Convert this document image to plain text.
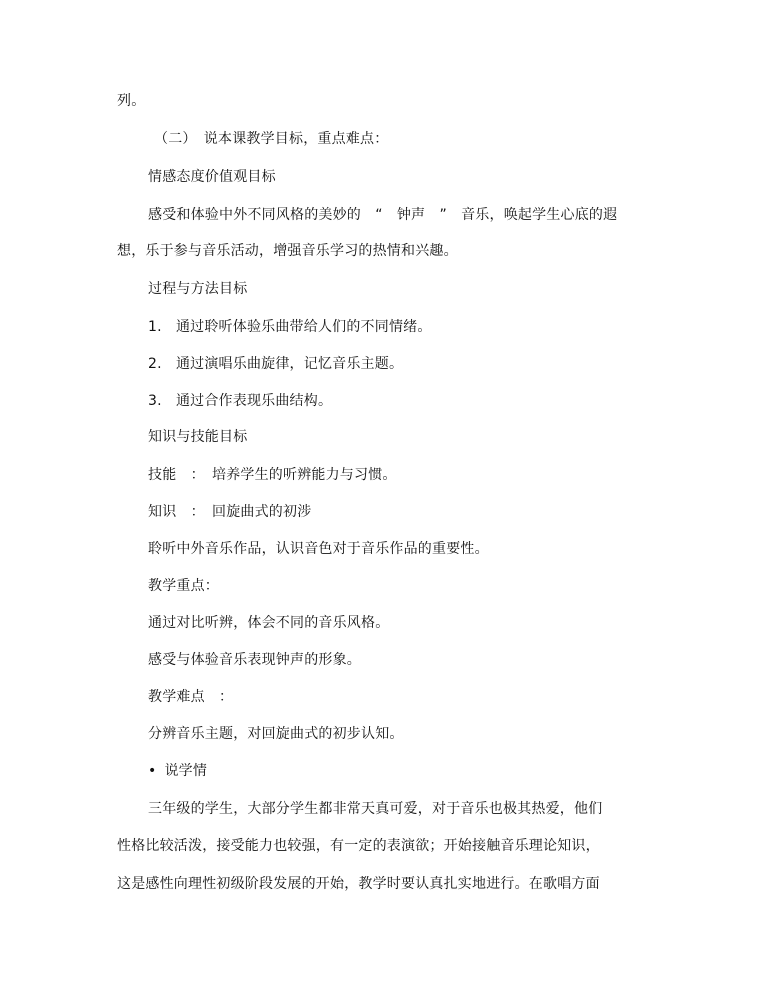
列。
（二）　说本课教学目标，重点难点：
情感态度价值观目标
感受和体验中外不同风格的美妙的　“　钟声　”　音乐，唤起学生心底的遐
想，乐于参与音乐活动，增强音乐学习的热情和兴趣。
过程与方法目标
1.　通过聆听体验乐曲带给人们的不同情绪。
2.　通过演唱乐曲旋律，记忆音乐主题。
3.　通过合作表现乐曲结构。
知识与技能目标
技能　：　培养学生的听辨能力与习惯。
知识　：　回旋曲式的初涉
聆听中外音乐作品，认识音色对于音乐作品的重要性。
教学重点：
通过对比听辨，体会不同的音乐风格。
感受与体验音乐表现钟声的形象。
教学难点　：
分辨音乐主题，对回旋曲式的初步认知。
• 说学情
三年级的学生，大部分学生都非常天真可爱，对于音乐也极其热爱，他们
性格比较活泼，接受能力也较强，有一定的表演欲；开始接触音乐理论知识，
这是感性向理性初级阶段发展的开始，教学时要认真扎实地进行。在歌唱方面
